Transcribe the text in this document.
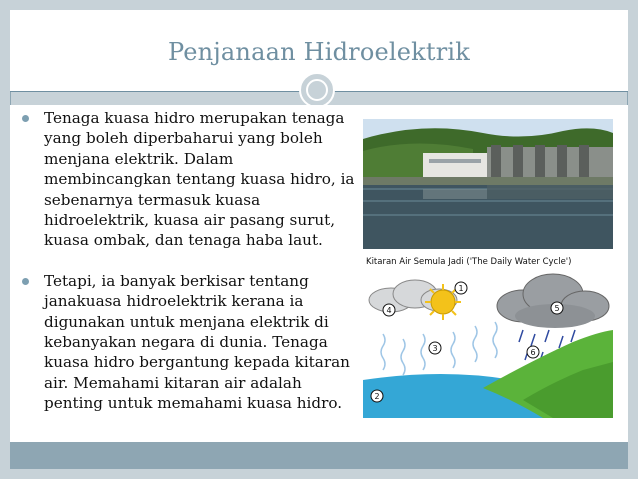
Penjanaan Hidroelektrik
Tenaga kuasa hidro merupakan tenaga yang boleh diperbaharui yang boleh menjana elektrik. Dalam membincangkan tentang kuasa hidro, ia sebenarnya termasuk kuasa hidroelektrik, kuasa air pasang surut, kuasa ombak, dan tenaga haba laut.
Tetapi, ia banyak berkisar tentang janakuasa hidroelektrik kerana ia digunakan untuk menjana elektrik di kebanyakan negara di dunia. Tenaga kuasa hidro bergantung kepada kitaran air. Memahami kitaran air adalah penting untuk memahami kuasa hidro.
1
2
3
4	5
6
Kitaran Air Semula Jadi ('The Daily Water Cycle')
